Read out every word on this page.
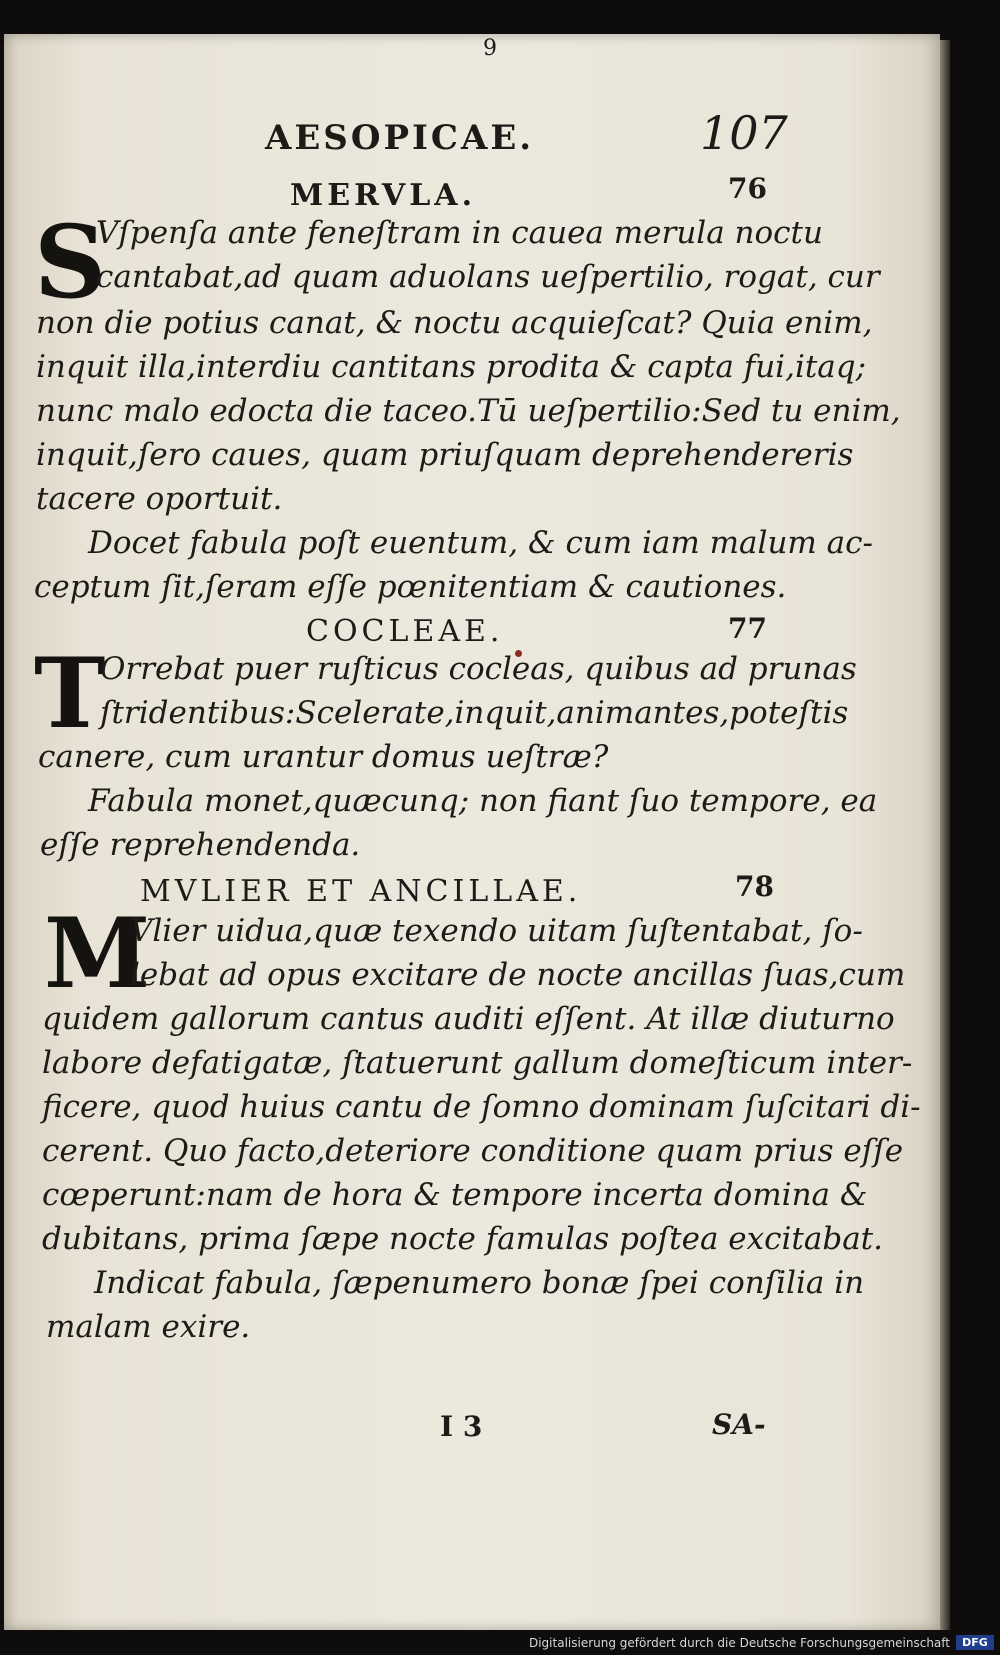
9
AESOPICAE.	107
MERVLA.	76
S
Vſpenſa ante feneſtram in cauea merula noctu
cantabat,ad quam aduolans ueſpertilio, rogat, cur
non die potius canat, & noctu acquieſcat? Quia enim,
inquit illa,interdiu cantitans prodita & capta fui,itaq;
nunc malo edocta die taceo.Tū ueſpertilio:Sed tu enim,
inquit,ſero caues, quam priuſquam deprehendereris
tacere oportuit.
Docet fabula poſt euentum, & cum iam malum ac-
ceptum ſit,ſeram eſſe pœnitentiam & cautiones.
COCLEAE.	77
T
Orrebat puer ruſticus cocleas, quibus ad prunas
ſtridentibus:Scelerate,inquit,animantes,poteſtis
canere, cum urantur domus ueſtræ?
Fabula monet,quæcunq; non fiant ſuo tempore, ea
eſſe reprehendenda.
MVLIER ET ANCILLAE.	78
M
Vlier uidua,quæ texendo uitam ſuſtentabat, ſo-
lebat ad opus excitare de nocte ancillas ſuas,cum
quidem gallorum cantus auditi eſſent. At illæ diuturno
labore defatigatæ, ſtatuerunt gallum domeſticum inter-
ficere, quod huius cantu de ſomno dominam ſuſcitari di-
cerent. Quo facto,deteriore conditione quam prius eſſe
cœperunt:nam de hora & tempore incerta domina &
dubitans, prima ſæpe nocte famulas poſtea excitabat.
Indicat fabula, ſæpenumero bonæ ſpei conſilia in
malam exire.
I 3	SA-
Digitalisierung gefördert durch die Deutsche Forschungsgemeinschaft	DFG
